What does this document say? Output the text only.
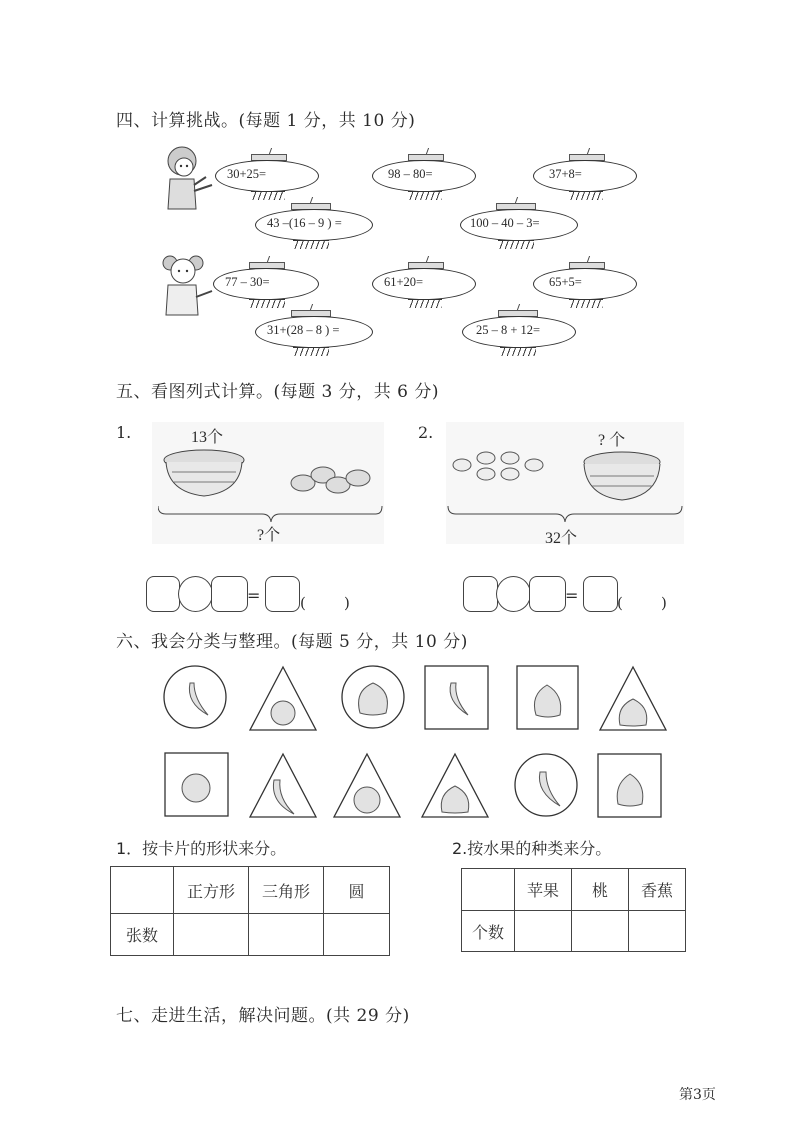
四、计算挑战。(每题 1 分，共 10 分)
30+25=	98 – 80=	37+8=
43 –(16 – 9 ) =	100 – 40 – 3=
77 – 30=	61+20=	65+5=
31+(28 – 8 ) =	25 – 8 + 12=
五、看图列式计算。(每题 3 分，共 6 分)
1.	13个
?个
=	(        )
2.	? 个
32个
=	(        )
六、我会分类与整理。(每题 5 分，共 10 分)
1．按卡片的形状来分。
	正方形	三角形	圆
张数			
2.按水果的种类来分。
	苹果	桃	香蕉
个数			
七、走进生活，解决问题。(共 29 分)
第3页
